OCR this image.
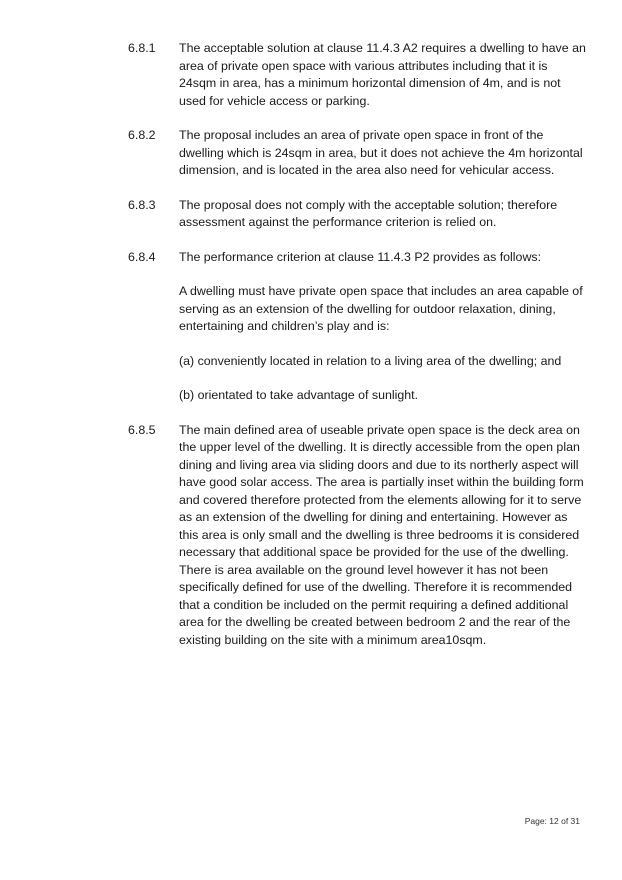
6.8.1	The acceptable solution at clause 11.4.3 A2 requires a dwelling to have an area of private open space with various attributes including that it is 24sqm in area, has a minimum horizontal dimension of 4m, and is not used for vehicle access or parking.

6.8.2	The proposal includes an area of private open space in front of the dwelling which is 24sqm in area, but it does not achieve the 4m horizontal dimension, and is located in the area also need for vehicular access.

6.8.3	The proposal does not comply with the acceptable solution; therefore assessment against the performance criterion is relied on.

6.8.4	The performance criterion at clause 11.4.3 P2 provides as follows:

A dwelling must have private open space that includes an area capable of serving as an extension of the dwelling for outdoor relaxation, dining, entertaining and children’s play and is:

(a) conveniently located in relation to a living area of the dwelling; and

(b) orientated to take advantage of sunlight.

6.8.5	The main defined area of useable private open space is the deck area on the upper level of the dwelling. It is directly accessible from the open plan dining and living area via sliding doors and due to its northerly aspect will have good solar access. The area is partially inset within the building form and covered therefore protected from the elements allowing for it to serve as an extension of the dwelling for dining and entertaining. However as this area is only small and the dwelling is three bedrooms it is considered necessary that additional space be provided for the use of the dwelling. There is area available on the ground level however it has not been specifically defined for use of the dwelling. Therefore it is recommended that a condition be included on the permit requiring a defined additional area for the dwelling be created between bedroom 2 and the rear of the existing building on the site with a minimum area10sqm.

Page: 12 of 31
